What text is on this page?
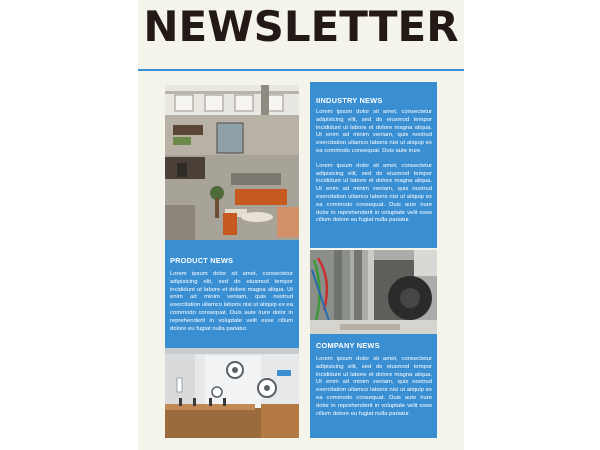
NEWSLETTER
IINDUSTRY NEWS

Lorem ipsum dolor sit amet, consectetur adipisicing elit, sed do eiusmod tempor incididunt ut labore et dolore magna aliqua. Ut enim ad minim veniam, quis nostrud exercitation ullamco laboris nisi ut aliquip ex ea commodo consequat. Duis aute irure

Lorem ipsum dolor sit amet, consectetur adipisicing elit, sed do eiusmod tempor incididunt ut labore et dolore magna aliqua. Ut enim ad minim veniam, quis nostrud exercitation ullamco laboris nisi ut aliquip ex ea commodo consequat. Duis aute irure dolor in reprehenderit in voluptate velit esse cillum dolore eu fugiat nulla pariatur.

PRODUCT NEWS

Lorem ipsum dolor sit amet, consectetur adipisicing elit, sed do eiusmod tempor incididunt ut labore et dolore magna aliqua. Ut enim ad minim veniam, quis nostrud exercitation ullamco laboris nisi ut aliquip ex ea commodo consequat. Duis aute irure dolor in reprehenderit in voluptate velit esse cillum dolore eu fugiat nulla pariatur.

COMPANY NEWS

Lorem ipsum dolor sit amet, consectetur adipisicing elit, sed do eiusmod tempor incididunt ut labore et dolore magna aliqua. Ut enim ad minim veniam, quis nostrud exercitation ullamco laboris nisi ut aliquip ex ea commodo consequat. Duis aute irure dolor in reprehenderit in voluptate velit esse cillum dolore eu fugiat nulla pariatur.
